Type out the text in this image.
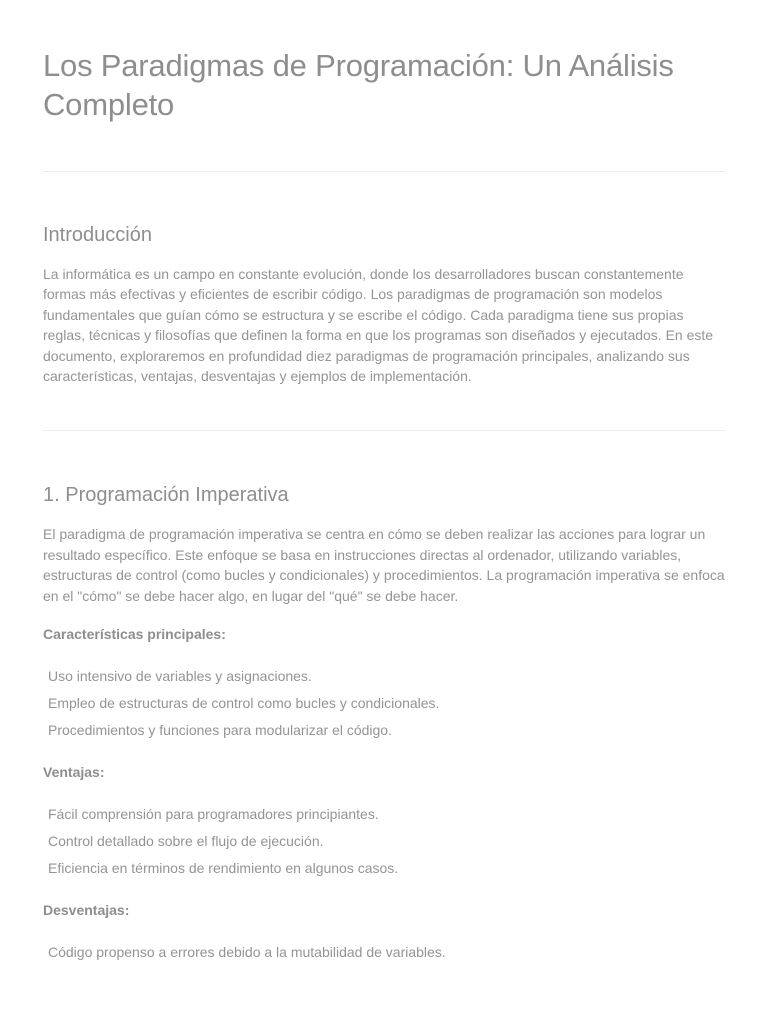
Los Paradigmas de Programación: Un Análisis Completo
Introducción

La informática es un campo en constante evolución, donde los desarrolladores buscan constantemente formas más efectivas y eficientes de escribir código. Los paradigmas de programación son modelos fundamentales que guían cómo se estructura y se escribe el código. Cada paradigma tiene sus propias reglas, técnicas y filosofías que definen la forma en que los programas son diseñados y ejecutados. En este documento, exploraremos en profundidad diez paradigmas de programación principales, analizando sus características, ventajas, desventajas y ejemplos de implementación.

1. Programación Imperativa

El paradigma de programación imperativa se centra en cómo se deben realizar las acciones para lograr un resultado específico. Este enfoque se basa en instrucciones directas al ordenador, utilizando variables, estructuras de control (como bucles y condicionales) y procedimientos. La programación imperativa se enfoca en el "cómo" se debe hacer algo, en lugar del "qué" se debe hacer.

Características principales:
Uso intensivo de variables y asignaciones.
Empleo de estructuras de control como bucles y condicionales.
Procedimientos y funciones para modularizar el código.
Ventajas:
Fácil comprensión para programadores principiantes.
Control detallado sobre el flujo de ejecución.
Eficiencia en términos de rendimiento en algunos casos.
Desventajas:
Código propenso a errores debido a la mutabilidad de variables.
